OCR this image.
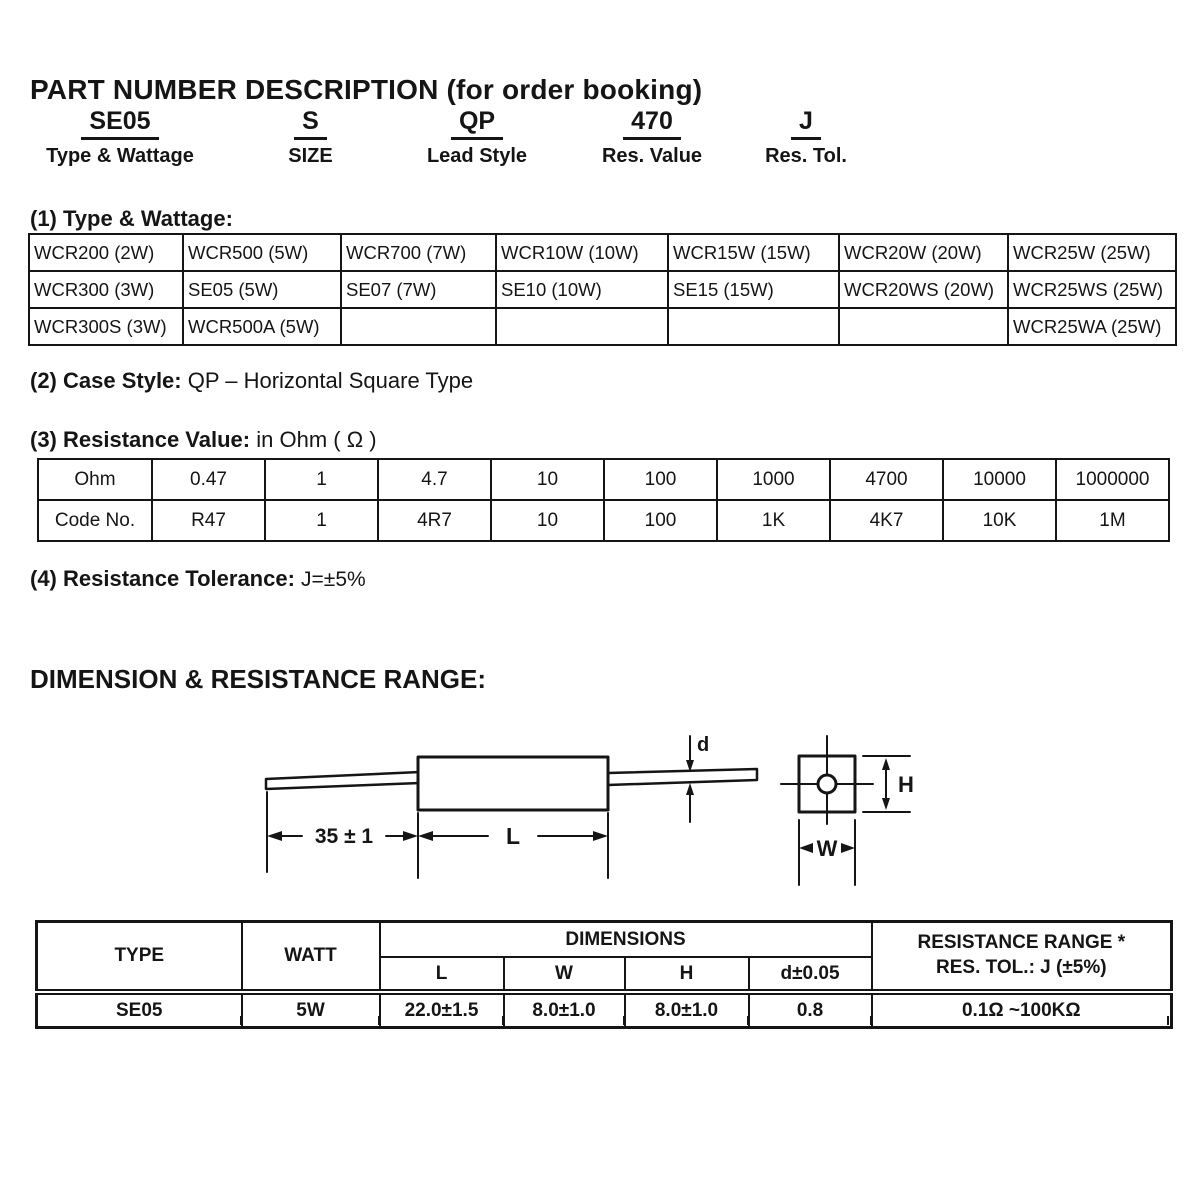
PART NUMBER DESCRIPTION (for order booking)
SE05
Type & Wattage
S
SIZE
QP
Lead Style
470
Res. Value
J
Res. Tol.
(1) Type & Wattage:
WCR200 (2W)	WCR500 (5W)	WCR700 (7W)	WCR10W (10W)	WCR15W (15W)	WCR20W (20W)	WCR25W (25W)
WCR300 (3W)	SE05 (5W)	SE07 (7W)	SE10 (10W)	SE15 (15W)	WCR20WS (20W)	WCR25WS (25W)
WCR300S (3W)	WCR500A (5W)					WCR25WA (25W)
(2) Case Style: QP – Horizontal Square Type
(3) Resistance Value: in Ohm ( Ω )
Ohm	0.47	1	4.7	10	100	1000	4700	10000	1000000
Code No.	R47	1	4R7	10	100	1K	4K7	10K	1M
(4) Resistance Tolerance: J=±5%
DIMENSION & RESISTANCE RANGE:
35 ± 1	L
d
H
W
TYPE	WATT	DIMENSIONS				RESISTANCE RANGE *
RES. TOL.: J (±5%)

		L	W	H	d±0.05	
SE05	5W	22.0±1.5	8.0±1.0	8.0±1.0	0.8	0.1Ω ~100KΩ
